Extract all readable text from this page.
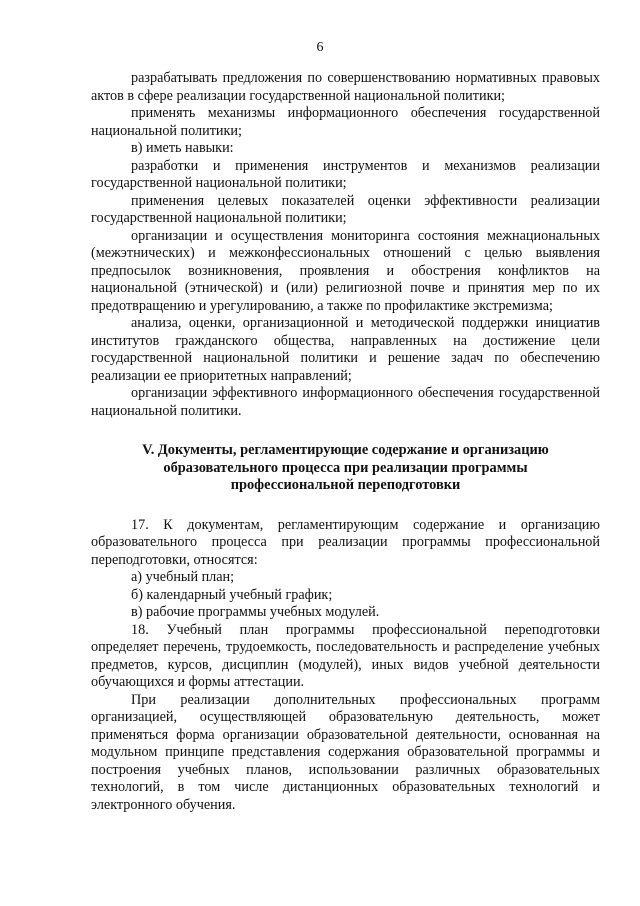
6

разрабатывать предложения по совершенствованию нормативных правовых актов в сфере реализации государственной национальной политики;

применять механизмы информационного обеспечения государственной национальной политики;

в) иметь навыки:

разработки и применения инструментов и механизмов реализации государственной национальной политики;

применения целевых показателей оценки эффективности реализации государственной национальной политики;

организации и осуществления мониторинга состояния межнациональных (межэтнических) и межконфессиональных отношений с целью выявления предпосылок возникновения, проявления и обострения конфликтов на национальной (этнической) и (или) религиозной почве и принятия мер по их предотвращению и урегулированию, а также по профилактике экстремизма;

анализа, оценки, организационной и методической поддержки инициатив институтов гражданского общества, направленных на достижение цели государственной национальной политики и решение задач по обеспечению реализации ее приоритетных направлений;

организации эффективного информационного обеспечения государственной национальной политики.

V. Документы, регламентирующие содержание и организацию образовательного процесса при реализации программы профессиональной переподготовки

17. К документам, регламентирующим содержание и организацию образовательного процесса при реализации программы профессиональной переподготовки, относятся:

а) учебный план;

б) календарный учебный график;

в) рабочие программы учебных модулей.

18. Учебный план программы профессиональной переподготовки определяет перечень, трудоемкость, последовательность и распределение учебных предметов, курсов, дисциплин (модулей), иных видов учебной деятельности обучающихся и формы аттестации.

При реализации дополнительных профессиональных программ организацией, осуществляющей образовательную деятельность, может применяться форма организации образовательной деятельности, основанная на модульном принципе представления содержания образовательной программы и построения учебных планов, использовании различных образовательных технологий, в том числе дистанционных образовательных технологий и электронного обучения.
